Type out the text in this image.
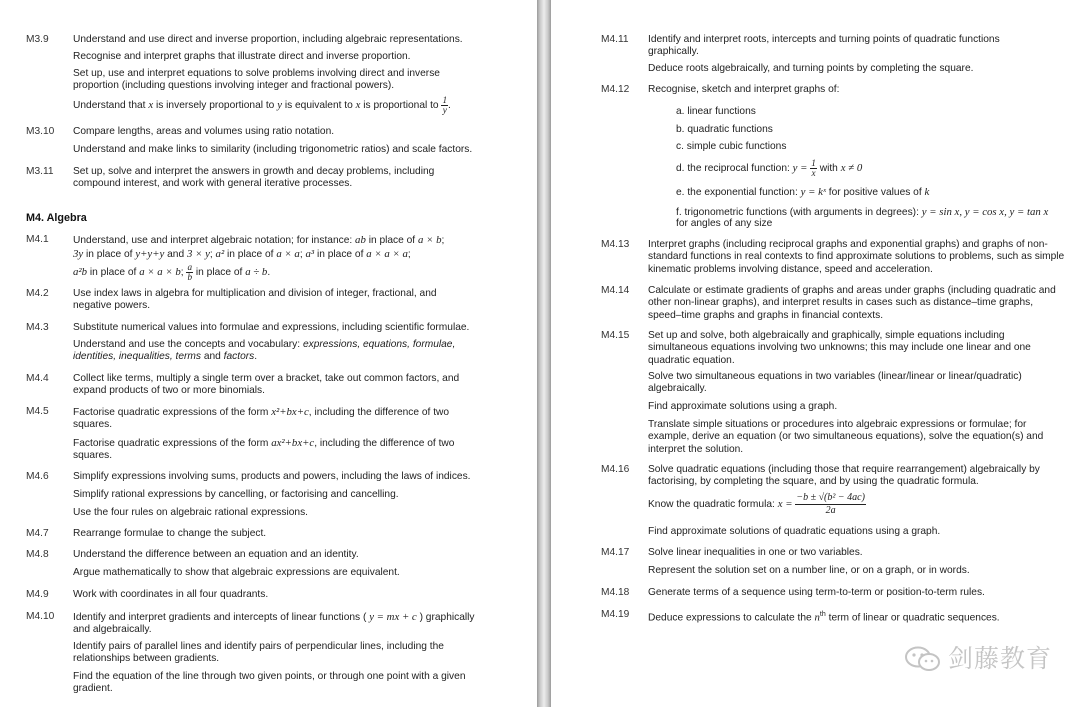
M3.9 Understand and use direct and inverse proportion, including algebraic representations.
Recognise and interpret graphs that illustrate direct and inverse proportion.
Set up, use and interpret equations to solve problems involving direct and inverse proportion (including questions involving integer and fractional powers).
Understand that x is inversely proportional to y is equivalent to x is proportional to $\frac{1}{y}$ .
M3.10 Compare lengths, areas and volumes using ratio notation.
Understand and make links to similarity (including trigonometric ratios) and scale factors.
M3.11 Set up, solve and interpret the answers in growth and decay problems, including compound interest, and work with general iterative processes.
M4. Algebra
M4.1 Understand, use and interpret algebraic notation; for instance: ab in place of a × b;
3y in place of y+y+y and 3 × y; a² in place of a × a; a³ in place of a × a × a;
a²b in place of a × a × b; $\frac{a}{b}$ in place of a ÷ b.
M4.2 Use index laws in algebra for multiplication and division of integer, fractional, and negative powers.
M4.3 Substitute numerical values into formulae and expressions, including scientific formulae.
Understand and use the concepts and vocabulary: expressions, equations, formulae, identities, inequalities, terms and factors.
M4.4 Collect like terms, multiply a single term over a bracket, take out common factors, and expand products of two or more binomials.
M4.5 Factorise quadratic expressions of the form x²+bx+c, including the difference of two squares.
Factorise quadratic expressions of the form ax²+bx+c, including the difference of two squares.
M4.6 Simplify expressions involving sums, products and powers, including the laws of indices.
Simplify rational expressions by cancelling, or factorising and cancelling.
Use the four rules on algebraic rational expressions.
M4.7 Rearrange formulae to change the subject.
M4.8 Understand the difference between an equation and an identity.
Argue mathematically to show that algebraic expressions are equivalent.
M4.9 Work with coordinates in all four quadrants.
M4.10 Identify and interpret gradients and intercepts of linear functions ( y = mx + c ) graphically and algebraically.
Identify pairs of parallel lines and identify pairs of perpendicular lines, including the relationships between gradients.
Find the equation of the line through two given points, or through one point with a given gradient.
M4.11 Identify and interpret roots, intercepts and turning points of quadratic functions graphically.
Deduce roots algebraically, and turning points by completing the square.
M4.12 Recognise, sketch and interpret graphs of:
a. linear functions
b. quadratic functions
c. simple cubic functions
d. the reciprocal function: $y = \frac{1}{x}$ with x ≠ 0
e. the exponential function: y = kˣ for positive values of k
f. trigonometric functions (with arguments in degrees): y = sin x, y = cos x, y = tan x
for angles of any size
M4.13 Interpret graphs (including reciprocal graphs and exponential graphs) and graphs of non-standard functions in real contexts to find approximate solutions to problems, such as simple kinematic problems involving distance, speed and acceleration.
M4.14 Calculate or estimate gradients of graphs and areas under graphs (including quadratic and other non-linear graphs), and interpret results in cases such as distance–time graphs, speed–time graphs and graphs in financial contexts.
M4.15 Set up and solve, both algebraically and graphically, simple equations including simultaneous equations involving two unknowns; this may include one linear and one quadratic equation.
Solve two simultaneous equations in two variables (linear/linear or linear/quadratic) algebraically.
Find approximate solutions using a graph.
Translate simple situations or procedures into algebraic expressions or formulae; for example, derive an equation (or two simultaneous equations), solve the equation(s) and interpret the solution.
M4.16 Solve quadratic equations (including those that require rearrangement) algebraically by factorising, by completing the square, and by using the quadratic formula.
Know the quadratic formula: $x = \frac{\text{−b ± √(b² − 4ac)}}{2a}$
Find approximate solutions of quadratic equations using a graph.
M4.17 Solve linear inequalities in one or two variables.
Represent the solution set on a number line, or on a graph, or in words.
M4.18 Generate terms of a sequence using term-to-term or position-to-term rules.
M4.19 Deduce expressions to calculate the $n^{th}$ term of linear or quadratic sequences.
剑藤教育
